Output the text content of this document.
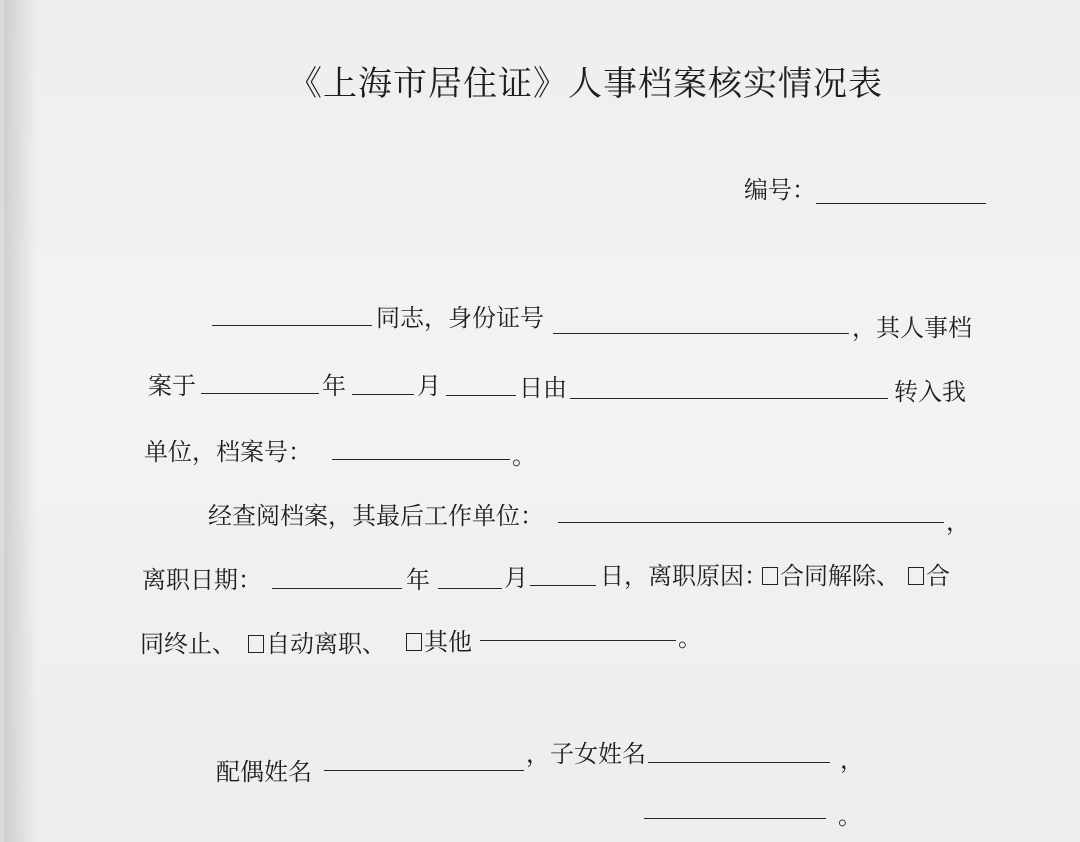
《上海市居住证》人事档案核实情况表
编号：
同志，身份证号	，其人事档
案于	年	月	日由	转入我
单位，档案号：	。
经查阅档案，其最后工作单位：	，
离职日期：	年	月	日，离职原因： 合同解除、	合
同终止、	自动离职、	其他	。
配偶姓名
，子女姓名	，
。
